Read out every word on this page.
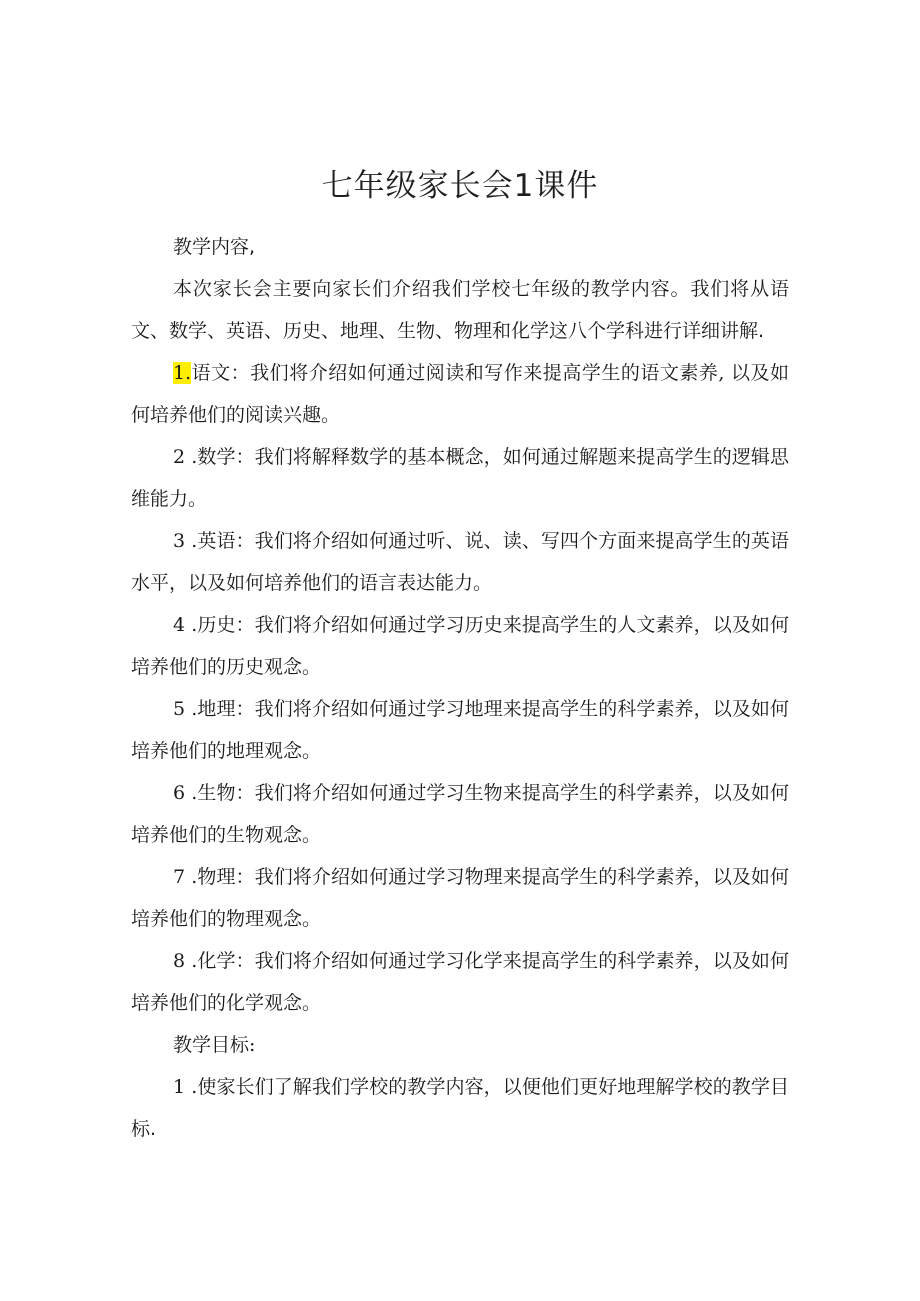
七年级家长会1课件

教学内容,

本次家长会主要向家长们介绍我们学校七年级的教学内容。我们将从语文、数学、英语、历史、地理、生物、物理和化学这八个学科进行详细讲解.

1.语文：我们将介绍如何通过阅读和写作来提高学生的语文素养, 以及如何培养他们的阅读兴趣。

2 .数学：我们将解释数学的基本概念，如何通过解题来提高学生的逻辑思维能力。

3 .英语：我们将介绍如何通过听、说、读、写四个方面来提高学生的英语水平，以及如何培养他们的语言表达能力。

4 .历史：我们将介绍如何通过学习历史来提高学生的人文素养，以及如何培养他们的历史观念。

5 .地理：我们将介绍如何通过学习地理来提高学生的科学素养，以及如何培养他们的地理观念。

6 .生物：我们将介绍如何通过学习生物来提高学生的科学素养，以及如何培养他们的生物观念。

7 .物理：我们将介绍如何通过学习物理来提高学生的科学素养，以及如何培养他们的物理观念。

8 .化学：我们将介绍如何通过学习化学来提高学生的科学素养，以及如何培养他们的化学观念。

教学目标:

1 .使家长们了解我们学校的教学内容，以便他们更好地理解学校的教学目标.
